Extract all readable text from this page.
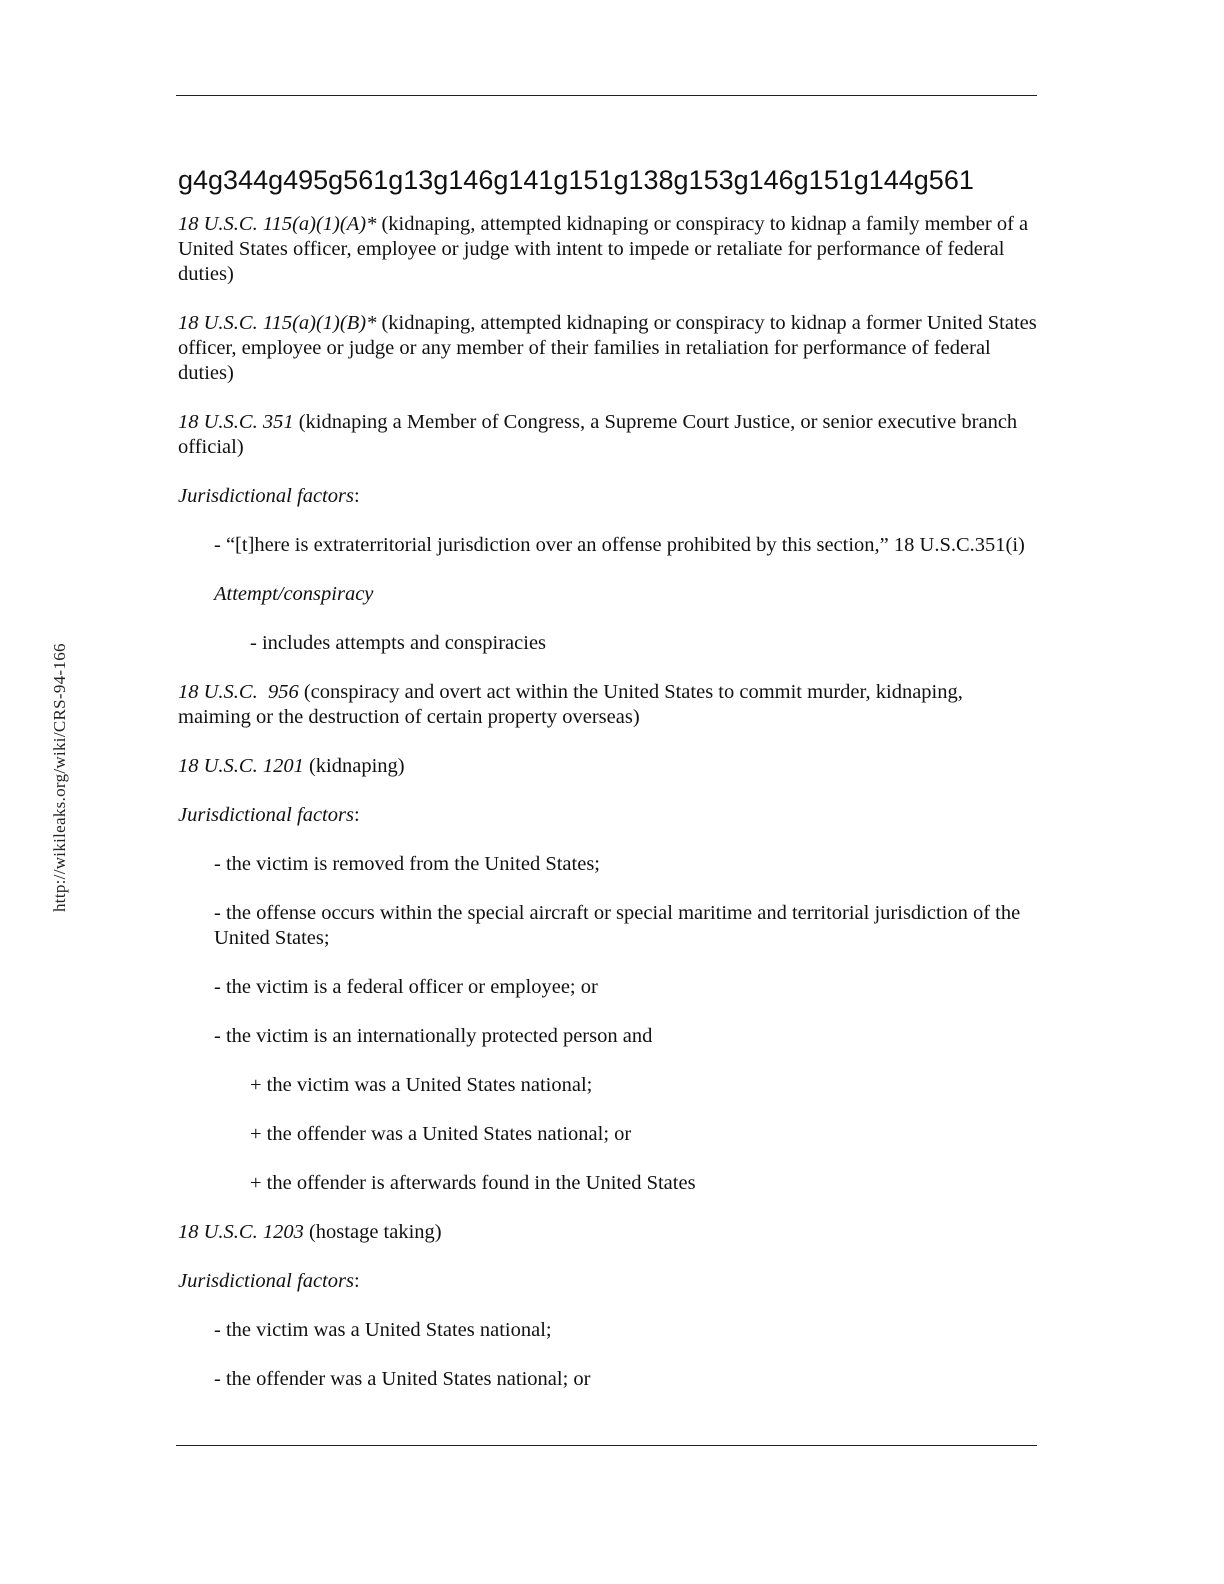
http://wikileaks.org/wiki/CRS-94-166
g4g344g495g561g13g146g141g151g138g153g146g151g144g561

18 U.S.C. 115(a)(1)(A)* (kidnaping, attempted kidnaping or conspiracy to kidnap a family member of a United States officer, employee or judge with intent to impede or retaliate for performance of federal duties)

18 U.S.C. 115(a)(1)(B)* (kidnaping, attempted kidnaping or conspiracy to kidnap a former United States officer, employee or judge or any member of their families in retaliation for performance of federal duties)

18 U.S.C. 351 (kidnaping a Member of Congress, a Supreme Court Justice, or senior executive branch official)

Jurisdictional factors:

- “[t]here is extraterritorial jurisdiction over an offense prohibited by this section,” 18 U.S.C.351(i)

Attempt/conspiracy

- includes attempts and conspiracies

18 U.S.C.  956 (conspiracy and overt act within the United States to commit murder, kidnaping, maiming or the destruction of certain property overseas)

18 U.S.C. 1201 (kidnaping)

Jurisdictional factors:

- the victim is removed from the United States;

- the offense occurs within the special aircraft or special maritime and territorial jurisdiction of the United States;

- the victim is a federal officer or employee; or

- the victim is an internationally protected person and

+ the victim was a United States national;

+ the offender was a United States national; or

+ the offender is afterwards found in the United States

18 U.S.C. 1203 (hostage taking)

Jurisdictional factors:

- the victim was a United States national;

- the offender was a United States national; or
